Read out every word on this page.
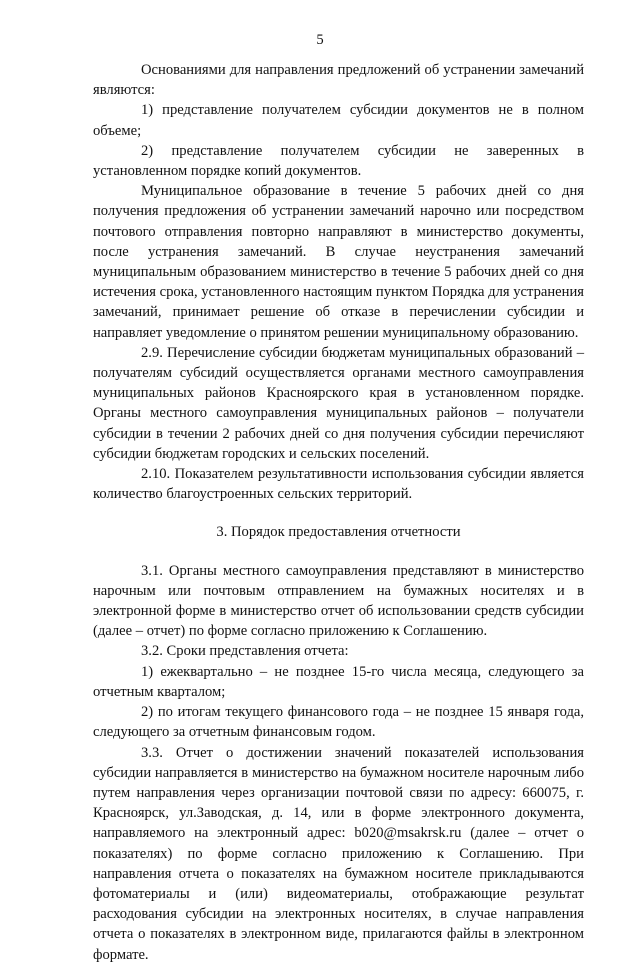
5

Основаниями для направления предложений об устранении замечаний являются:

1) представление получателем субсидии документов не в полном объеме;

2) представление получателем субсидии не заверенных в установленном порядке копий документов.

Муниципальное образование в течение 5 рабочих дней со дня получения предложения об устранении замечаний нарочно или посредством почтового отправления повторно направляют в министерство документы, после устранения замечаний. В случае неустранения замечаний муниципальным образованием министерство в течение 5 рабочих дней со дня истечения срока, установленного настоящим пунктом Порядка для устранения замечаний, принимает решение об отказе в перечислении субсидии и направляет уведомление о принятом решении муниципальному образованию.

2.9. Перечисление субсидии бюджетам муниципальных образований – получателям субсидий осуществляется органами местного самоуправления муниципальных районов Красноярского края в установленном порядке. Органы местного самоуправления муниципальных районов – получатели субсидии в течении 2 рабочих дней со дня получения субсидии перечисляют субсидии бюджетам городских и сельских поселений.

2.10. Показателем результативности использования субсидии является количество благоустроенных сельских территорий.

3. Порядок предоставления отчетности

3.1. Органы местного самоуправления представляют в министерство нарочным или почтовым отправлением на бумажных носителях и в электронной форме в министерство отчет об использовании средств субсидии (далее – отчет) по форме согласно приложению к Соглашению.

3.2. Сроки представления отчета:

1) ежеквартально – не позднее 15-го числа месяца, следующего за отчетным кварталом;

2) по итогам текущего финансового года – не позднее 15 января года, следующего за отчетным финансовым годом.

3.3. Отчет о достижении значений показателей использования субсидии направляется в министерство на бумажном носителе нарочным либо путем направления через организации почтовой связи по адресу: 660075, г. Красноярск, ул.Заводская, д. 14, или в форме электронного документа, направляемого на электронный адрес: b020@msakrsk.ru (далее – отчет о показателях) по форме согласно приложению к Соглашению. При направления отчета о показателях на бумажном носителе прикладываются фотоматериалы и (или) видеоматериалы, отображающие результат расходования субсидии на электронных носителях, в случае направления отчета о показателях в электронном виде, прилагаются файлы в электронном формате.
